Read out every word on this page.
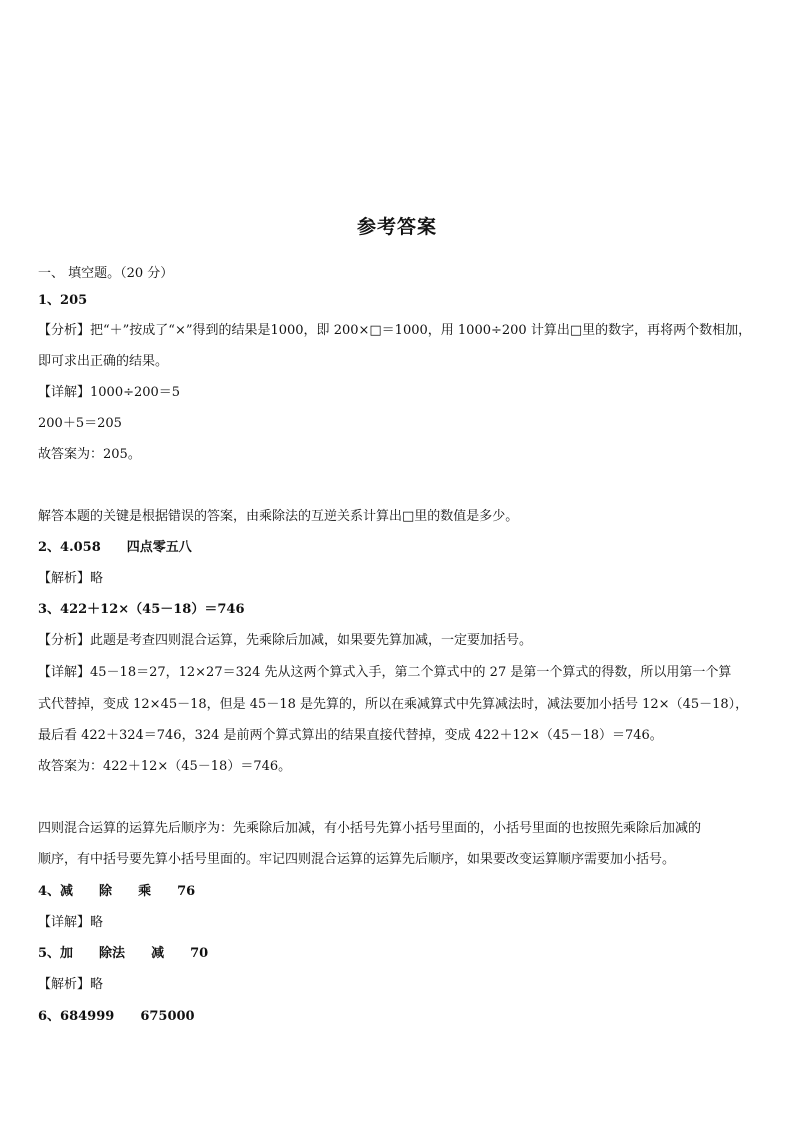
参考答案
一、 填空题。（20 分）
1、205
【分析】把“＋”按成了“×”得到的结果是1000，即 200×□＝1000，用 1000÷200 计算出□里的数字，再将两个数相加，
即可求出正确的结果。
【详解】1000÷200＝5
200＋5＝205
故答案为：205。
解答本题的关键是根据错误的答案，由乘除法的互逆关系计算出□里的数值是多少。
2、4.058 四点零五八
【解析】略
3、422＋12×（45－18）＝746
【分析】此题是考查四则混合运算，先乘除后加减，如果要先算加减，一定要加括号。
【详解】45－18＝27，12×27＝324 先从这两个算式入手，第二个算式中的 27 是第一个算式的得数，所以用第一个算
式代替掉，变成 12×45－18，但是 45－18 是先算的，所以在乘减算式中先算减法时，减法要加小括号 12×（45－18），
最后看 422＋324＝746，324 是前两个算式算出的结果直接代替掉，变成 422＋12×（45－18）＝746。
故答案为：422＋12×（45－18）＝746。
四则混合运算的运算先后顺序为：先乘除后加减，有小括号先算小括号里面的，小括号里面的也按照先乘除后加减的
顺序，有中括号要先算小括号里面的。牢记四则混合运算的运算先后顺序，如果要改变运算顺序需要加小括号。
4、减 除 乘 76
【详解】略
5、加 除法 减 70
【解析】略
6、684999 675000
